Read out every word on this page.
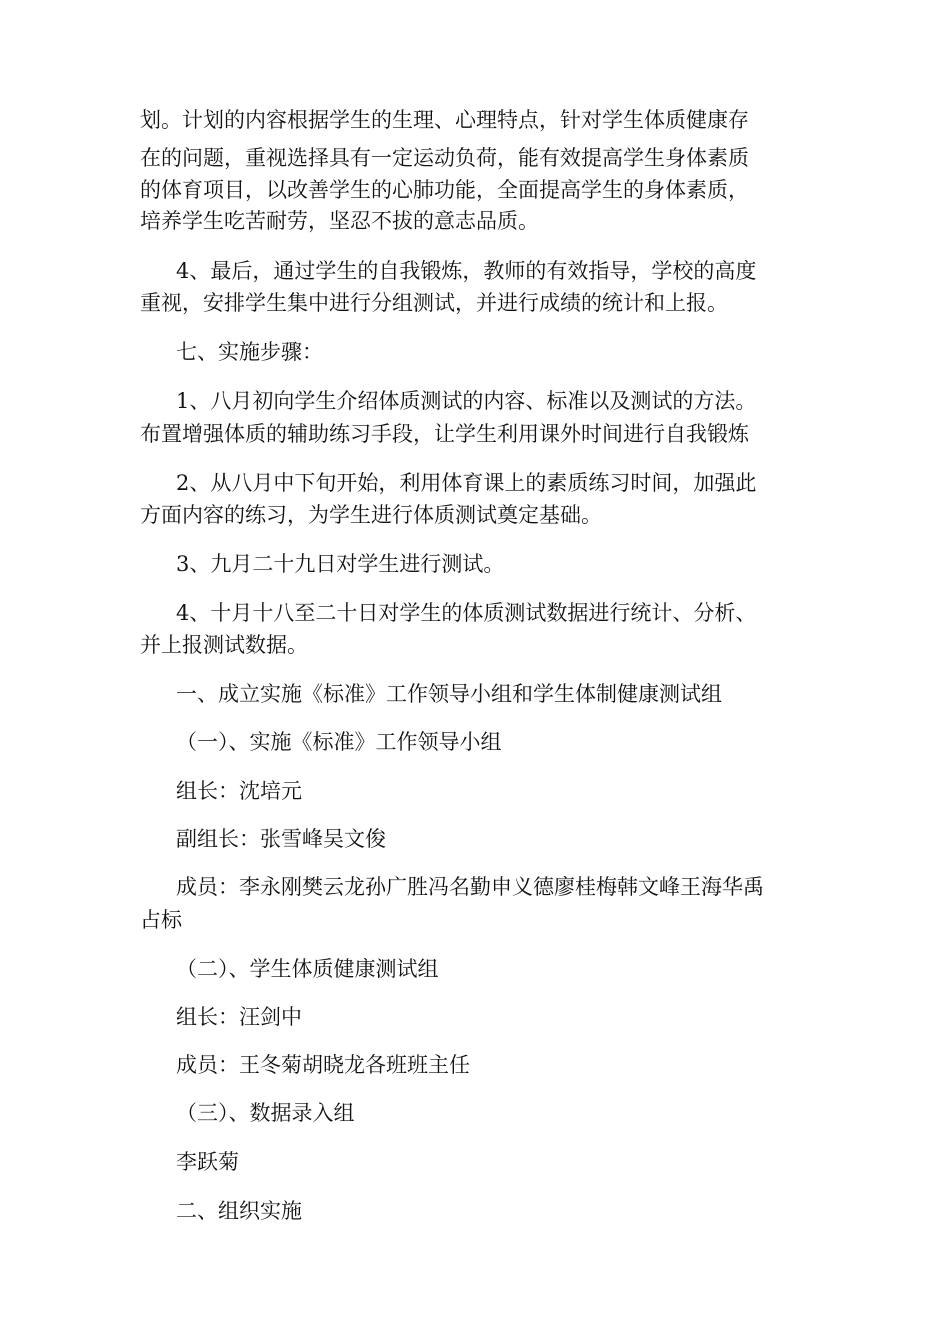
划。计划的内容根据学生的生理、心理特点，针对学生体质健康存
在的问题，重视选择具有一定运动负荷，能有效提高学生身体素质
的体育项目，以改善学生的心肺功能，全面提高学生的身体素质，
培养学生吃苦耐劳，坚忍不拔的意志品质。
4、最后，通过学生的自我锻炼，教师的有效指导，学校的高度
重视，安排学生集中进行分组测试，并进行成绩的统计和上报。
七、实施步骤：
1、八月初向学生介绍体质测试的内容、标准以及测试的方法。
布置增强体质的辅助练习手段，让学生利用课外时间进行自我锻炼
2、从八月中下旬开始，利用体育课上的素质练习时间，加强此
方面内容的练习，为学生进行体质测试奠定基础。
3、九月二十九日对学生进行测试。
4、十月十八至二十日对学生的体质测试数据进行统计、分析、
并上报测试数据。
一、成立实施《标准》工作领导小组和学生体制健康测试组
（一）、实施《标准》工作领导小组
组长：沈培元
副组长：张雪峰吴文俊
成员：李永刚樊云龙孙广胜冯名勤申义德廖桂梅韩文峰王海华禹
占标
（二）、学生体质健康测试组
组长：汪剑中
成员：王冬菊胡晓龙各班班主任
（三）、数据录入组
李跃菊
二、组织实施
